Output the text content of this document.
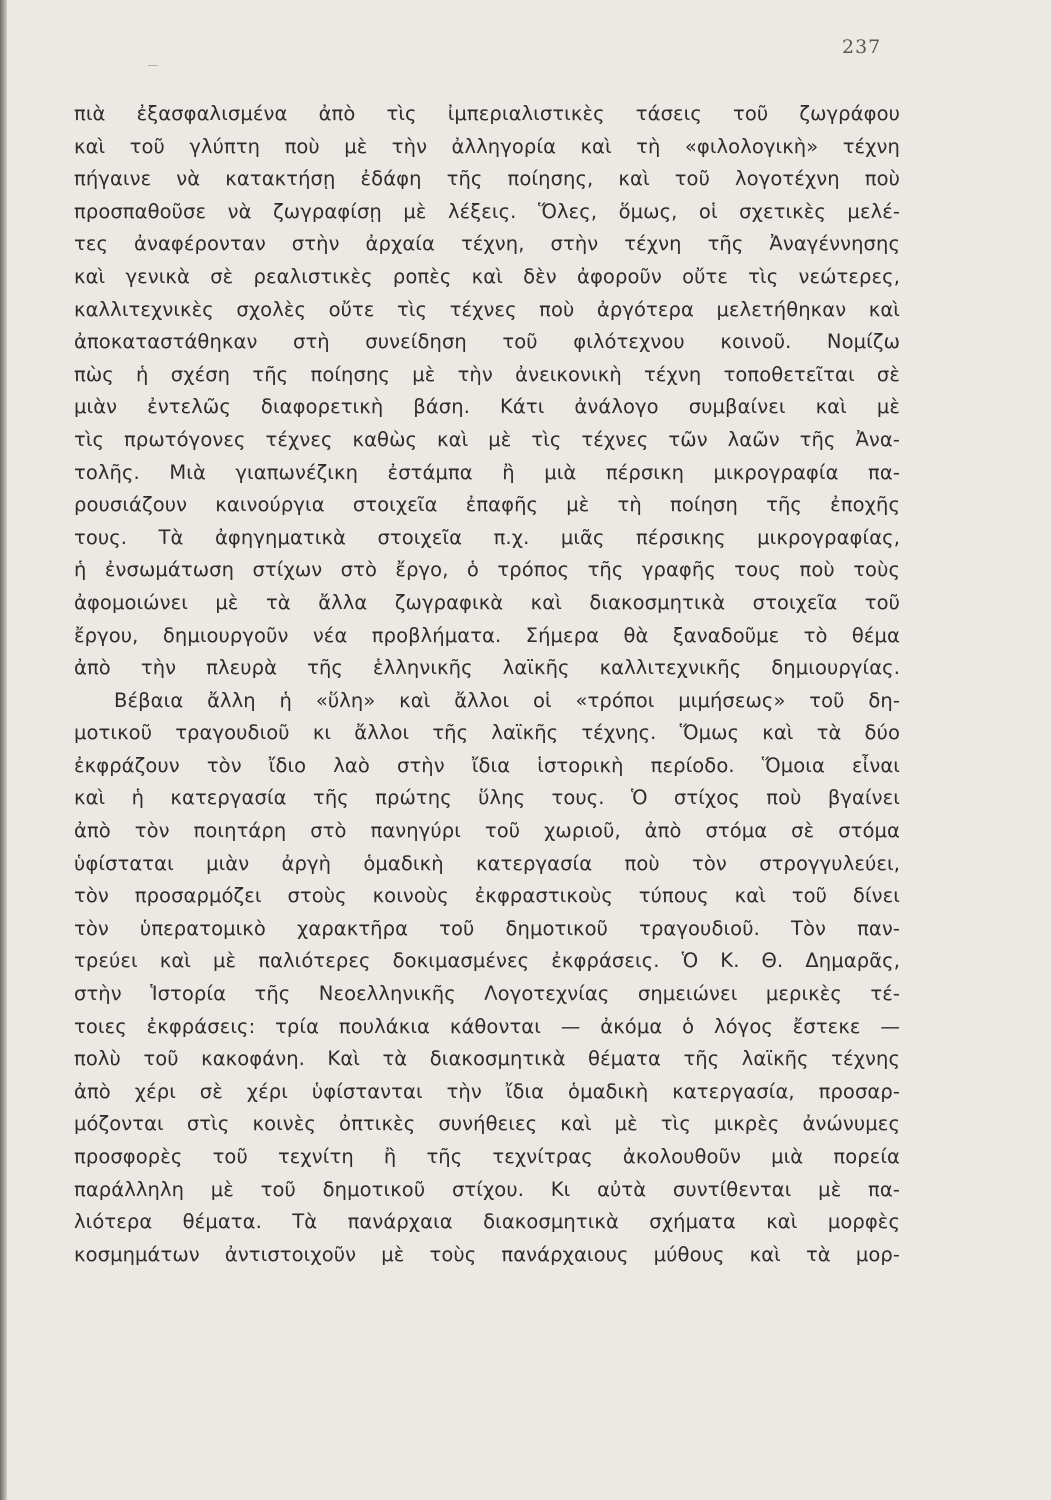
237
πιὰ ἐξασφαλισμένα ἀπὸ τὶς ἰμπεριαλιστικὲς τάσεις τοῦ ζωγράφου
καὶ τοῦ γλύπτη ποὺ μὲ τὴν ἀλληγορία καὶ τὴ «φιλολογικὴ» τέχνη
πήγαινε νὰ κατακτήσῃ ἐδάφη τῆς ποίησης, καὶ τοῦ λογοτέχνη ποὺ
προσπαθοῦσε νὰ ζωγραφίσῃ μὲ λέξεις. Ὅλες, ὅμως, οἱ σχετικὲς μελέ-
τες ἀναφέρονταν στὴν ἀρχαία τέχνη, στὴν τέχνη τῆς Ἀναγέννησης
καὶ γενικὰ σὲ ρεαλιστικὲς ροπὲς καὶ δὲν ἀφοροῦν οὔτε τὶς νεώτερες,
καλλιτεχνικὲς σχολὲς οὔτε τὶς τέχνες ποὺ ἀργότερα μελετήθηκαν καὶ
ἀποκαταστάθηκαν στὴ συνείδηση τοῦ φιλότεχνου κοινοῦ. Νομίζω
πὼς ἡ σχέση τῆς ποίησης μὲ τὴν ἀνεικονικὴ τέχνη τοποθετεῖται σὲ
μιὰν ἐντελῶς διαφορετικὴ βάση. Κάτι ἀνάλογο συμβαίνει καὶ μὲ
τὶς πρωτόγονες τέχνες καθὼς καὶ μὲ τὶς τέχνες τῶν λαῶν τῆς Ἀνα-
τολῆς. Μιὰ γιαπωνέζικη ἐστάμπα ἢ μιὰ πέρσικη μικρογραφία πα-
ρουσιάζουν καινούργια στοιχεῖα ἐπαφῆς μὲ τὴ ποίηση τῆς ἐποχῆς
τους. Τὰ ἀφηγηματικὰ στοιχεῖα π.χ. μιᾶς πέρσικης μικρογραφίας,
ἡ ἐνσωμάτωση στίχων στὸ ἔργο, ὁ τρόπος τῆς γραφῆς τους ποὺ τοὺς
ἀφομοιώνει μὲ τὰ ἄλλα ζωγραφικὰ καὶ διακοσμητικὰ στοιχεῖα τοῦ
ἔργου, δημιουργοῦν νέα προβλήματα. Σήμερα θὰ ξαναδοῦμε τὸ θέμα
ἀπὸ τὴν πλευρὰ τῆς ἑλληνικῆς λαϊκῆς καλλιτεχνικῆς δημιουργίας.
Βέβαια ἄλλη ἡ «ὕλη» καὶ ἄλλοι οἱ «τρόποι μιμήσεως» τοῦ δη-
μοτικοῦ τραγουδιοῦ κι ἄλλοι τῆς λαϊκῆς τέχνης. Ὅμως καὶ τὰ δύο
ἐκφράζουν τὸν ἴδιο λαὸ στὴν ἴδια ἱστορικὴ περίοδο. Ὅμοια εἶναι
καὶ ἡ κατεργασία τῆς πρώτης ὕλης τους. Ὁ στίχος ποὺ βγαίνει
ἀπὸ τὸν ποιητάρη στὸ πανηγύρι τοῦ χωριοῦ, ἀπὸ στόμα σὲ στόμα
ὑφίσταται μιὰν ἀργὴ ὁμαδικὴ κατεργασία ποὺ τὸν στρογγυλεύει,
τὸν προσαρμόζει στοὺς κοινοὺς ἐκφραστικοὺς τύπους καὶ τοῦ δίνει
τὸν ὑπερατομικὸ χαρακτῆρα τοῦ δημοτικοῦ τραγουδιοῦ. Τὸν παν-
τρεύει καὶ μὲ παλιότερες δοκιμασμένες ἐκφράσεις. Ὁ Κ. Θ. Δημαρᾶς,
στὴν Ἱστορία τῆς Νεοελληνικῆς Λογοτεχνίας σημειώνει μερικὲς τέ-
τοιες ἐκφράσεις: τρία πουλάκια κάθονται — ἀκόμα ὁ λόγος ἔστεκε —
πολὺ τοῦ κακοφάνη. Καὶ τὰ διακοσμητικὰ θέματα τῆς λαϊκῆς τέχνης
ἀπὸ χέρι σὲ χέρι ὑφίστανται τὴν ἴδια ὁμαδικὴ κατεργασία, προσαρ-
μόζονται στὶς κοινὲς ὀπτικὲς συνήθειες καὶ μὲ τὶς μικρὲς ἀνώνυμες
προσφορὲς τοῦ τεχνίτη ἢ τῆς τεχνίτρας ἀκολουθοῦν μιὰ πορεία
παράλληλη μὲ τοῦ δημοτικοῦ στίχου. Κι αὐτὰ συντίθενται μὲ πα-
λιότερα θέματα. Τὰ πανάρχαια διακοσμητικὰ σχήματα καὶ μορφὲς
κοσμημάτων ἀντιστοιχοῦν μὲ τοὺς πανάρχαιους μύθους καὶ τὰ μορ-
